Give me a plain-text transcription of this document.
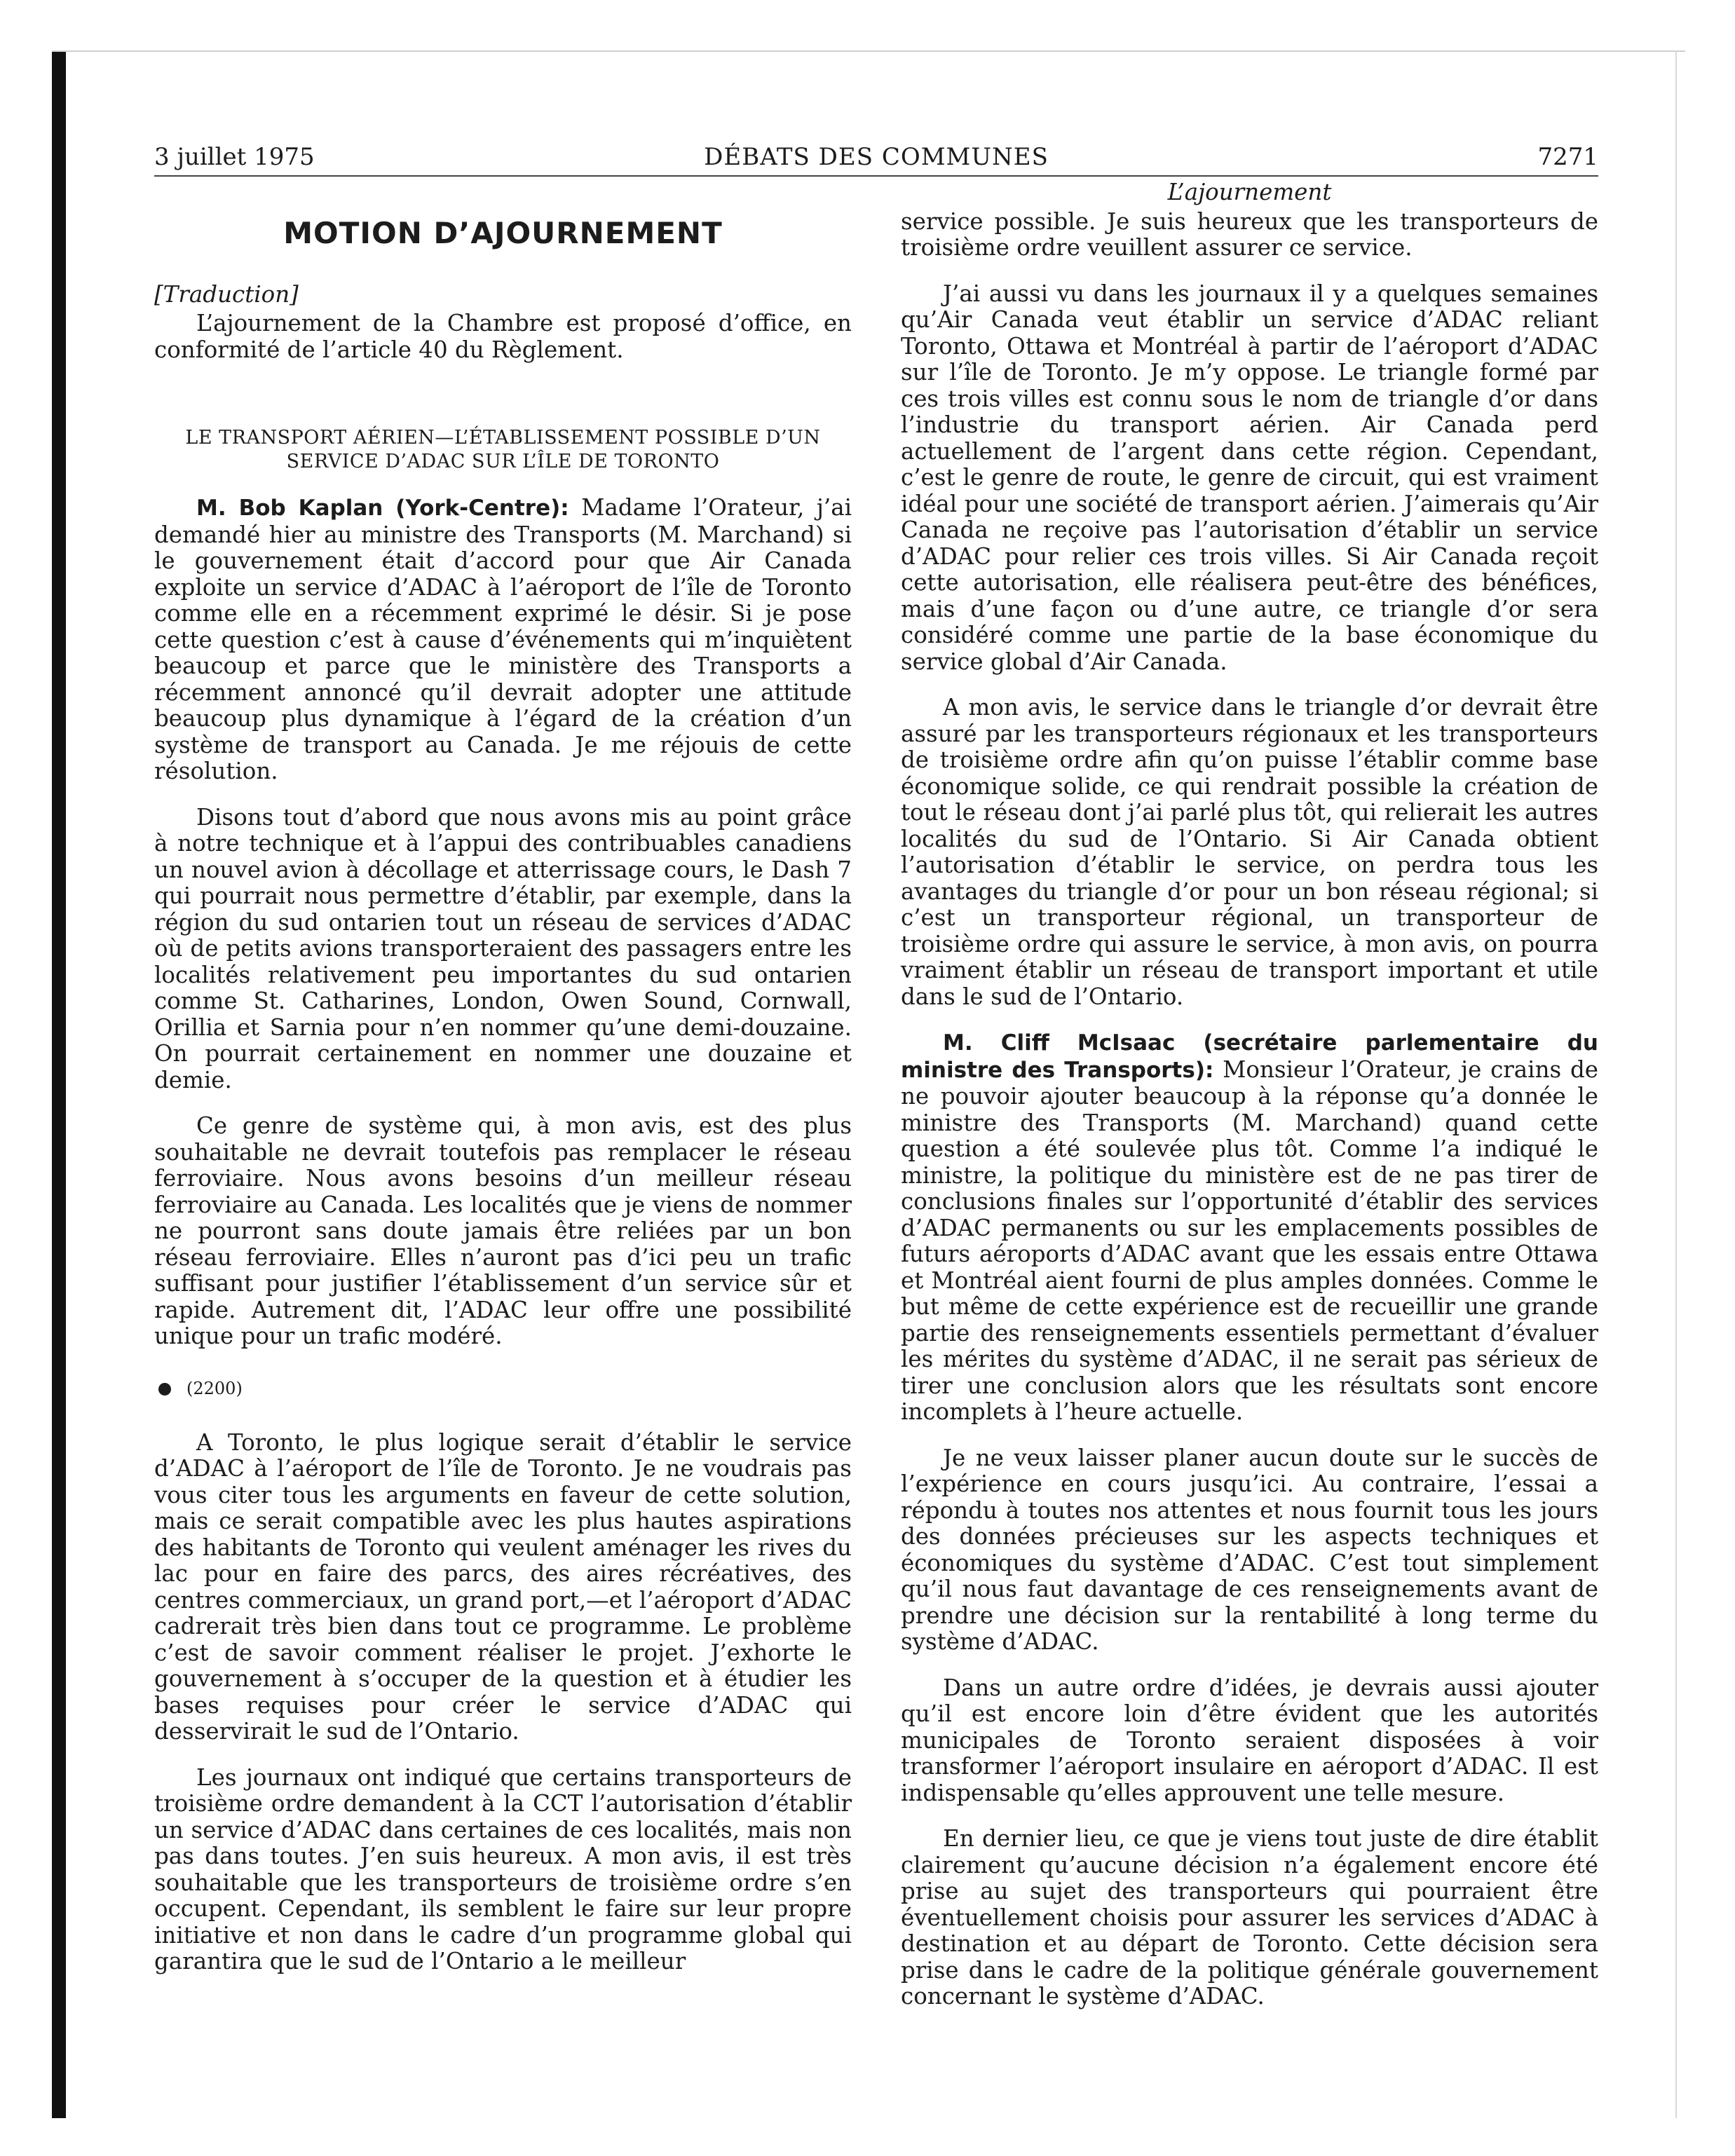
3 juillet 1975	DÉBATS DES COMMUNES	7271
MOTION D’AJOURNEMENT
[Traduction]

L’ajournement de la Chambre est proposé d’office, en conformité de l’article 40 du Règlement.

LE TRANSPORT AÉRIEN—L’ÉTABLISSEMENT POSSIBLE D’UN SERVICE D’ADAC SUR L’ÎLE DE TORONTO

M. Bob Kaplan (York-Centre): Madame l’Orateur, j’ai demandé hier au ministre des Transports (M. Marchand) si le gouvernement était d’accord pour que Air Canada exploite un service d’ADAC à l’aéroport de l’île de Toronto comme elle en a récemment exprimé le désir. Si je pose cette question c’est à cause d’événements qui m’inquiètent beaucoup et parce que le ministère des Transports a récemment annoncé qu’il devrait adopter une attitude beaucoup plus dynamique à l’égard de la création d’un système de transport au Canada. Je me réjouis de cette résolution.

Disons tout d’abord que nous avons mis au point grâce à notre technique et à l’appui des contribuables canadiens un nouvel avion à décollage et atterrissage cours, le Dash 7 qui pourrait nous permettre d’établir, par exemple, dans la région du sud ontarien tout un réseau de services d’ADAC où de petits avions transporteraient des passagers entre les localités relativement peu importantes du sud ontarien comme St. Catharines, London, Owen Sound, Cornwall, Orillia et Sarnia pour n’en nommer qu’une demi-douzaine. On pourrait certainement en nommer une douzaine et demie.

Ce genre de système qui, à mon avis, est des plus souhaitable ne devrait toutefois pas remplacer le réseau ferroviaire. Nous avons besoins d’un meilleur réseau ferroviaire au Canada. Les localités que je viens de nommer ne pourront sans doute jamais être reliées par un bon réseau ferroviaire. Elles n’auront pas d’ici peu un trafic suffisant pour justifier l’établissement d’un service sûr et rapide. Autrement dit, l’ADAC leur offre une possibilité unique pour un trafic modéré.

(2200)

A Toronto, le plus logique serait d’établir le service d’ADAC à l’aéroport de l’île de Toronto. Je ne voudrais pas vous citer tous les arguments en faveur de cette solution, mais ce serait compatible avec les plus hautes aspirations des habitants de Toronto qui veulent aménager les rives du lac pour en faire des parcs, des aires récréatives, des centres commerciaux, un grand port,—et l’aéroport d’ADAC cadrerait très bien dans tout ce programme. Le problème c’est de savoir comment réaliser le projet. J’exhorte le gouvernement à s’occuper de la question et à étudier les bases requises pour créer le service d’ADAC qui desservirait le sud de l’Ontario.

Les journaux ont indiqué que certains transporteurs de troisième ordre demandent à la CCT l’autorisation d’établir un service d’ADAC dans certaines de ces localités, mais non pas dans toutes. J’en suis heureux. A mon avis, il est très souhaitable que les transporteurs de troisième ordre s’en occupent. Cependant, ils semblent le faire sur leur propre initiative et non dans le cadre d’un programme global qui garantira que le sud de l’Ontario a le meilleur

L’ajournement

service possible. Je suis heureux que les transporteurs de troisième ordre veuillent assurer ce service.

J’ai aussi vu dans les journaux il y a quelques semaines qu’Air Canada veut établir un service d’ADAC reliant Toronto, Ottawa et Montréal à partir de l’aéroport d’ADAC sur l’île de Toronto. Je m’y oppose. Le triangle formé par ces trois villes est connu sous le nom de triangle d’or dans l’industrie du transport aérien. Air Canada perd actuellement de l’argent dans cette région. Cependant, c’est le genre de route, le genre de circuit, qui est vraiment idéal pour une société de transport aérien. J’aimerais qu’Air Canada ne reçoive pas l’autorisation d’établir un service d’ADAC pour relier ces trois villes. Si Air Canada reçoit cette autorisation, elle réalisera peut-être des bénéfices, mais d’une façon ou d’une autre, ce triangle d’or sera considéré comme une partie de la base économique du service global d’Air Canada.

A mon avis, le service dans le triangle d’or devrait être assuré par les transporteurs régionaux et les transporteurs de troisième ordre afin qu’on puisse l’établir comme base économique solide, ce qui rendrait possible la création de tout le réseau dont j’ai parlé plus tôt, qui relierait les autres localités du sud de l’Ontario. Si Air Canada obtient l’autorisation d’établir le service, on perdra tous les avantages du triangle d’or pour un bon réseau régional; si c’est un transporteur régional, un transporteur de troisième ordre qui assure le service, à mon avis, on pourra vraiment établir un réseau de transport important et utile dans le sud de l’Ontario.

M. Cliff McIsaac (secrétaire parlementaire du ministre des Transports): Monsieur l’Orateur, je crains de ne pouvoir ajouter beaucoup à la réponse qu’a donnée le ministre des Transports (M. Marchand) quand cette question a été soulevée plus tôt. Comme l’a indiqué le ministre, la politique du ministère est de ne pas tirer de conclusions finales sur l’opportunité d’établir des services d’ADAC permanents ou sur les emplacements possibles de futurs aéroports d’ADAC avant que les essais entre Ottawa et Montréal aient fourni de plus amples données. Comme le but même de cette expérience est de recueillir une grande partie des renseignements essentiels permettant d’évaluer les mérites du système d’ADAC, il ne serait pas sérieux de tirer une conclusion alors que les résultats sont encore incomplets à l’heure actuelle.

Je ne veux laisser planer aucun doute sur le succès de l’expérience en cours jusqu’ici. Au contraire, l’essai a répondu à toutes nos attentes et nous fournit tous les jours des données précieuses sur les aspects techniques et économiques du système d’ADAC. C’est tout simplement qu’il nous faut davantage de ces renseignements avant de prendre une décision sur la rentabilité à long terme du système d’ADAC.

Dans un autre ordre d’idées, je devrais aussi ajouter qu’il est encore loin d’être évident que les autorités municipales de Toronto seraient disposées à voir transformer l’aéroport insulaire en aéroport d’ADAC. Il est indispensable qu’elles approuvent une telle mesure.

En dernier lieu, ce que je viens tout juste de dire établit clairement qu’aucune décision n’a également encore été prise au sujet des transporteurs qui pourraient être éventuellement choisis pour assurer les services d’ADAC à destination et au départ de Toronto. Cette décision sera prise dans le cadre de la politique générale gouvernement concernant le système d’ADAC.
